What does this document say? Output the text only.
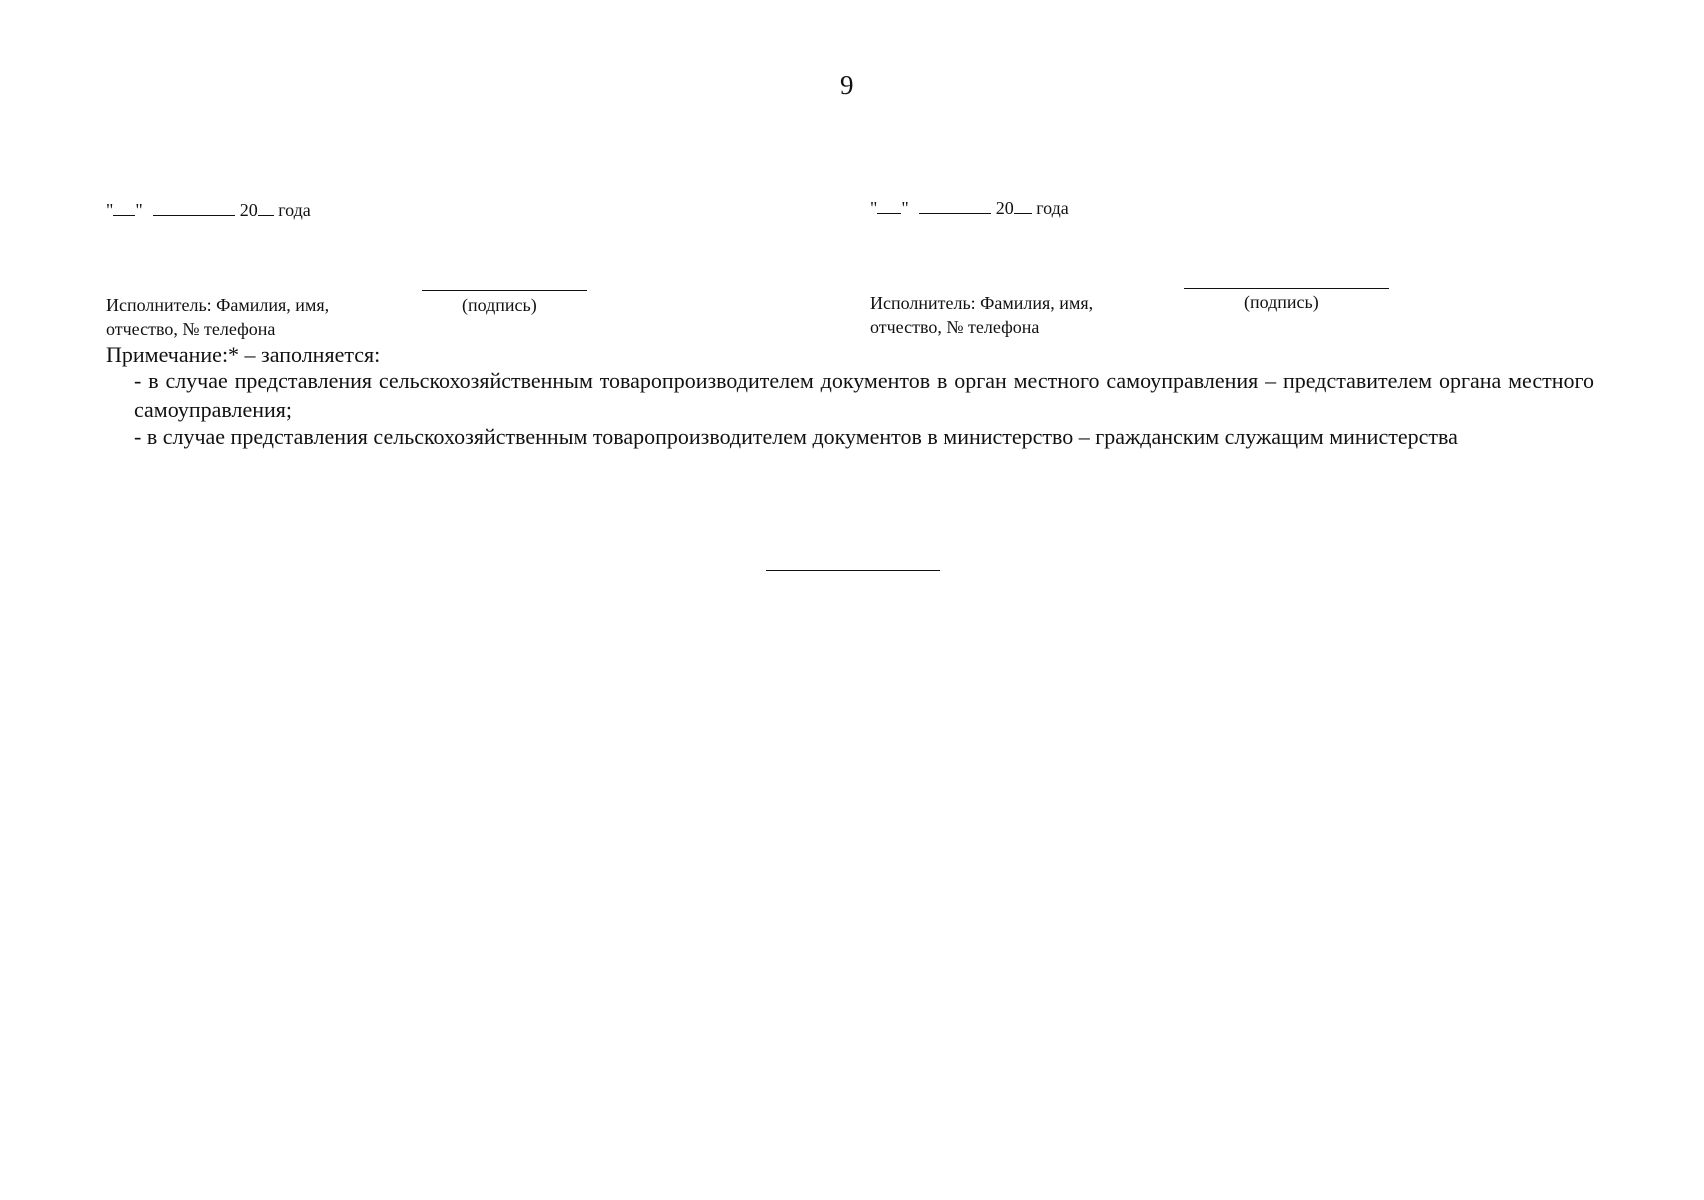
9
" "	20 года	" "	20 года
(подпись)	(подпись)
Исполнитель: Фамилия, имя,
отчество, № телефона
Исполнитель: Фамилия, имя,
отчество, № телефона
Примечание:* – заполняется:
- в случае представления сельскохозяйственным товаропроизводителем документов в орган местного самоуправления – представителем органа местного самоуправления;
- в случае представления сельскохозяйственным товаропроизводителем документов в министерство – гражданским служащим министерства
